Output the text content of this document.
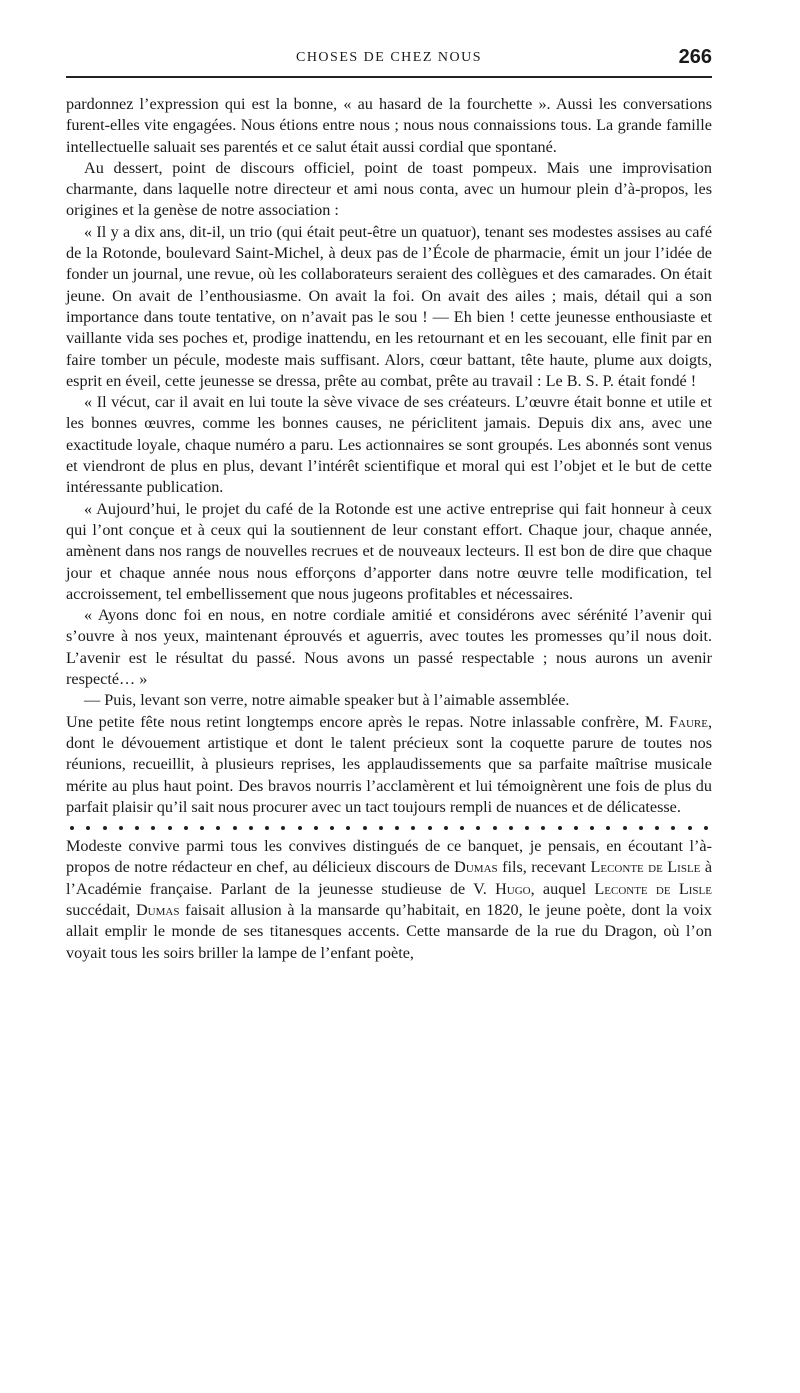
CHOSES DE CHEZ NOUS	266

pardonnez l’expression qui est la bonne, « au hasard de la fourchette ». Aussi les conversations furent-elles vite engagées. Nous étions entre nous ; nous nous connaissions tous. La grande famille intellectuelle saluait ses parentés et ce salut était aussi cordial que spontané.

Au dessert, point de discours officiel, point de toast pompeux. Mais une improvisation charmante, dans laquelle notre directeur et ami nous conta, avec un humour plein d’à-propos, les origines et la genèse de notre association :

« Il y a dix ans, dit-il, un trio (qui était peut-être un quatuor), tenant ses modestes assises au café de la Rotonde, boulevard Saint-Michel, à deux pas de l’École de pharmacie, émit un jour l’idée de fonder un journal, une revue, où les collaborateurs seraient des collègues et des camarades. On était jeune. On avait de l’enthousiasme. On avait la foi. On avait des ailes ; mais, détail qui a son importance dans toute tentative, on n’avait pas le sou ! — Eh bien ! cette jeunesse enthousiaste et vaillante vida ses poches et, prodige inattendu, en les retournant et en les secouant, elle finit par en faire tomber un pécule, modeste mais suffisant. Alors, cœur battant, tête haute, plume aux doigts, esprit en éveil, cette jeunesse se dressa, prête au combat, prête au travail : Le B. S. P. était fondé !

« Il vécut, car il avait en lui toute la sève vivace de ses créateurs. L’œuvre était bonne et utile et les bonnes œuvres, comme les bonnes causes, ne périclitent jamais. Depuis dix ans, avec une exactitude loyale, chaque numéro a paru. Les actionnaires se sont groupés. Les abonnés sont venus et viendront de plus en plus, devant l’intérêt scientifique et moral qui est l’objet et le but de cette intéressante publication.

« Aujourd’hui, le projet du café de la Rotonde est une active entreprise qui fait honneur à ceux qui l’ont conçue et à ceux qui la soutiennent de leur constant effort. Chaque jour, chaque année, amènent dans nos rangs de nouvelles recrues et de nouveaux lecteurs. Il est bon de dire que chaque jour et chaque année nous nous efforçons d’apporter dans notre œuvre telle modification, tel accroissement, tel embellissement que nous jugeons profitables et nécessaires.

« Ayons donc foi en nous, en notre cordiale amitié et considérons avec sérénité l’avenir qui s’ouvre à nos yeux, maintenant éprouvés et aguerris, avec toutes les promesses qu’il nous doit. L’avenir est le résultat du passé. Nous avons un passé respectable ; nous aurons un avenir respecté… »

— Puis, levant son verre, notre aimable speaker but à l’aimable assemblée.

Une petite fête nous retint longtemps encore après le repas. Notre inlassable confrère, M. Faure, dont le dévouement artistique et dont le talent précieux sont la coquette parure de toutes nos réunions, recueillit, à plusieurs reprises, les applaudissements que sa parfaite maîtrise musicale mérite au plus haut point. Des bravos nourris l’acclamèrent et lui témoignèrent une fois de plus du parfait plaisir qu’il sait nous procurer avec un tact toujours rempli de nuances et de délicatesse.

Modeste convive parmi tous les convives distingués de ce banquet, je pensais, en écoutant l’à-propos de notre rédacteur en chef, au délicieux discours de Dumas fils, recevant Leconte de Lisle à l’Académie française. Parlant de la jeunesse studieuse de V. Hugo, auquel Leconte de Lisle succédait, Dumas faisait allusion à la mansarde qu’habitait, en 1820, le jeune poète, dont la voix allait emplir le monde de ses titanesques accents. Cette mansarde de la rue du Dragon, où l’on voyait tous les soirs briller la lampe de l’enfant poète,
